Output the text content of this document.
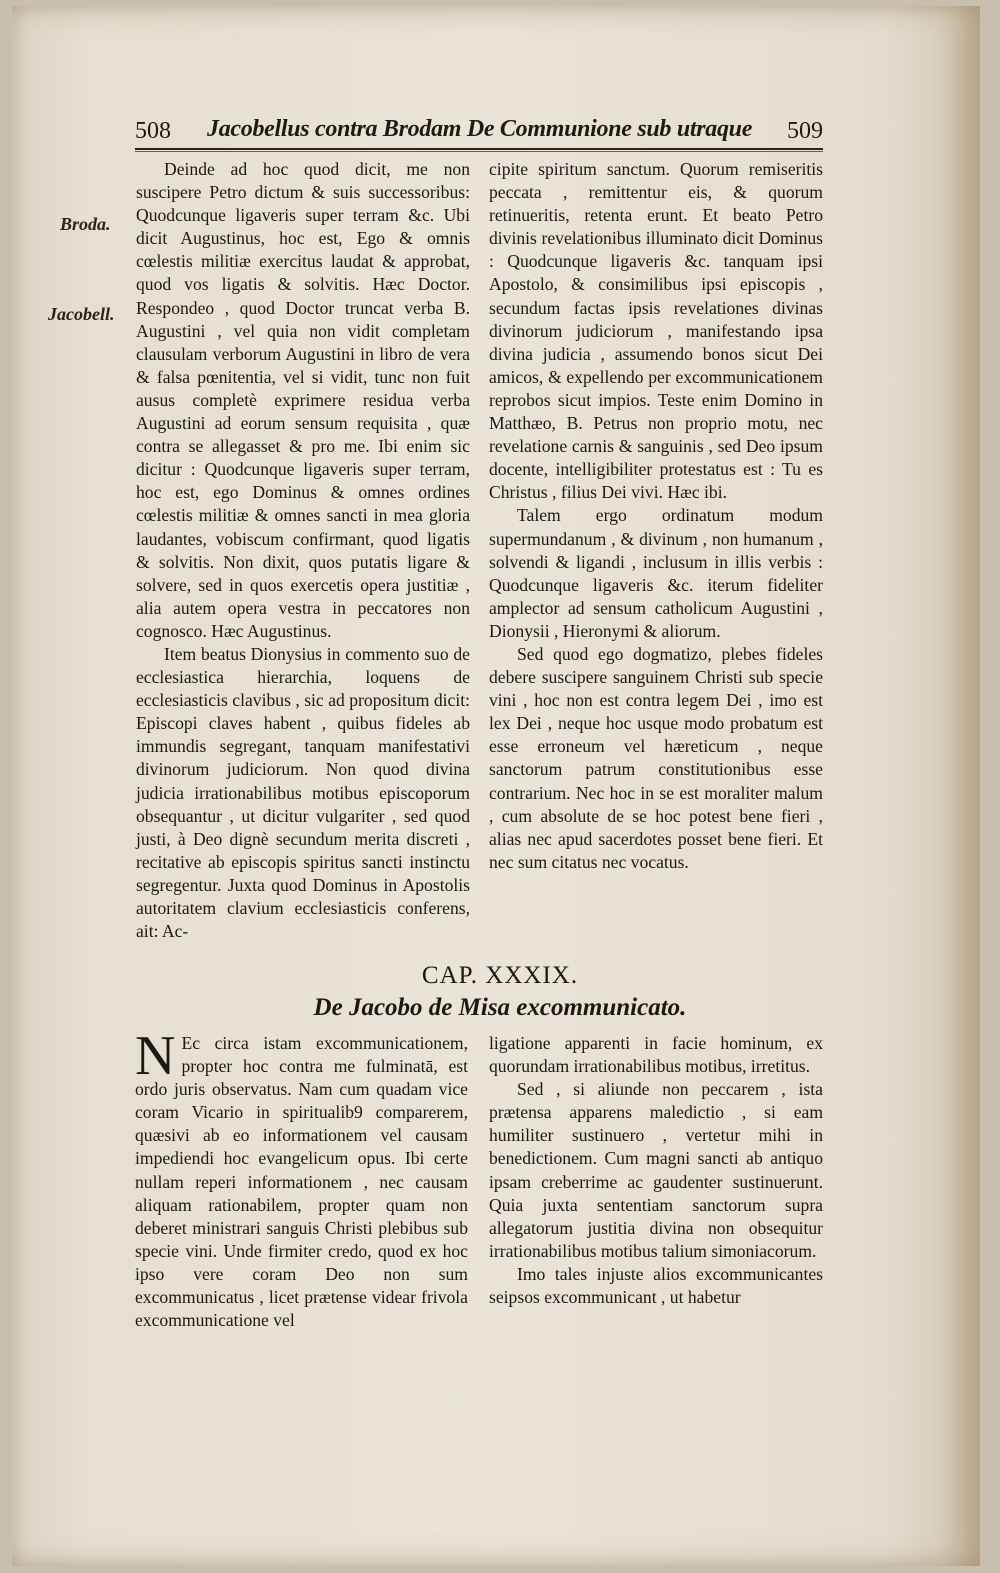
508 Jacobellus contra Brodam De Communione sub utraque 509
Broda.
Jacobell.

Deinde ad hoc quod dicit, me non suscipere Petro dictum & suis successoribus: Quodcunque ligaveris super terram &c. Ubi dicit Augustinus, hoc est, Ego & omnis cœlestis militiæ exercitus laudat & approbat, quod vos ligatis & solvitis. Hæc Doctor. Respondeo , quod Doctor truncat verba B. Augustini , vel quia non vidit completam clausulam verborum Augustini in libro de vera & falsa pœnitentia, vel si vidit, tunc non fuit ausus completè exprimere residua verba Augustini ad eorum sensum requisita , quæ contra se allegasset & pro me. Ibi enim sic dicitur : Quodcunque ligaveris super terram, hoc est, ego Dominus & omnes ordines cœlestis militiæ & omnes sancti in mea gloria laudantes, vobiscum confirmant, quod ligatis & solvitis. Non dixit, quos putatis ligare & solvere, sed in quos exercetis opera justitiæ , alia autem opera vestra in peccatores non cognosco. Hæc Augustinus.

Item beatus Dionysius in commento suo de ecclesiastica hierarchia, loquens de ecclesiasticis clavibus , sic ad propositum dicit: Episcopi claves habent , quibus fideles ab immundis segregant, tanquam manifestativi divinorum judiciorum. Non quod divina judicia irrationabilibus motibus episcoporum obsequantur , ut dicitur vulgariter , sed quod justi, à Deo dignè secundum merita discreti , recitative ab episcopis spiritus sancti instinctu segregentur. Juxta quod Dominus in Apostolis autoritatem clavium ecclesiasticis conferens, ait: Ac-

cipite spiritum sanctum. Quorum remiseritis peccata , remittentur eis, & quorum retinueritis, retenta erunt. Et beato Petro divinis revelationibus illuminato dicit Dominus : Quodcunque ligaveris &c. tanquam ipsi Apostolo, & consimilibus ipsi episcopis , secundum factas ipsis revelationes divinas divinorum judiciorum , manifestando ipsa divina judicia , assumendo bonos sicut Dei amicos, & expellendo per excommunicationem reprobos sicut impios. Teste enim Domino in Matthæo, B. Petrus non proprio motu, nec revelatione carnis & sanguinis , sed Deo ipsum docente, intelligibiliter protestatus est : Tu es Christus , filius Dei vivi. Hæc ibi.

Talem ergo ordinatum modum supermundanum , & divinum , non humanum , solvendi & ligandi , inclusum in illis verbis : Quodcunque ligaveris &c. iterum fideliter amplector ad sensum catholicum Augustini , Dionysii , Hieronymi & aliorum.

Sed quod ego dogmatizo, plebes fideles debere suscipere sanguinem Christi sub specie vini , hoc non est contra legem Dei , imo est lex Dei , neque hoc usque modo probatum est esse erroneum vel hæreticum , neque sanctorum patrum constitutionibus esse contrarium. Nec hoc in se est moraliter malum , cum absolute de se hoc potest bene fieri , alias nec apud sacerdotes posset bene fieri. Et nec sum citatus nec vocatus.

CAP. XXXIX.
De Jacobo de Misa excommunicato.
N Ec circa istam excommunicationem, propter hoc contra me fulminatā, est ordo juris observatus. Nam cum quadam vice coram Vicario in spiritualib9 comparerem, quæsivi ab eo informationem vel causam impediendi hoc evangelicum opus. Ibi certe nullam reperi informationem , nec causam aliquam rationabilem, propter quam non deberet ministrari sanguis Christi plebibus sub specie vini. Unde firmiter credo, quod ex hoc ipso vere coram Deo non sum excommunicatus , licet prætense videar frivola excommunicatione vel

ligatione apparenti in facie hominum, ex quorundam irrationabilibus motibus, irretitus.

Sed , si aliunde non peccarem , ista prætensa apparens maledictio , si eam humiliter sustinuero , vertetur mihi in benedictionem. Cum magni sancti ab antiquo ipsam creberrime ac gaudenter sustinuerunt. Quia juxta sententiam sanctorum supra allegatorum justitia divina non obsequitur irrationabilibus motibus talium simoniacorum.

Imo tales injuste alios excommunicantes seipsos excommunicant , ut habetur
